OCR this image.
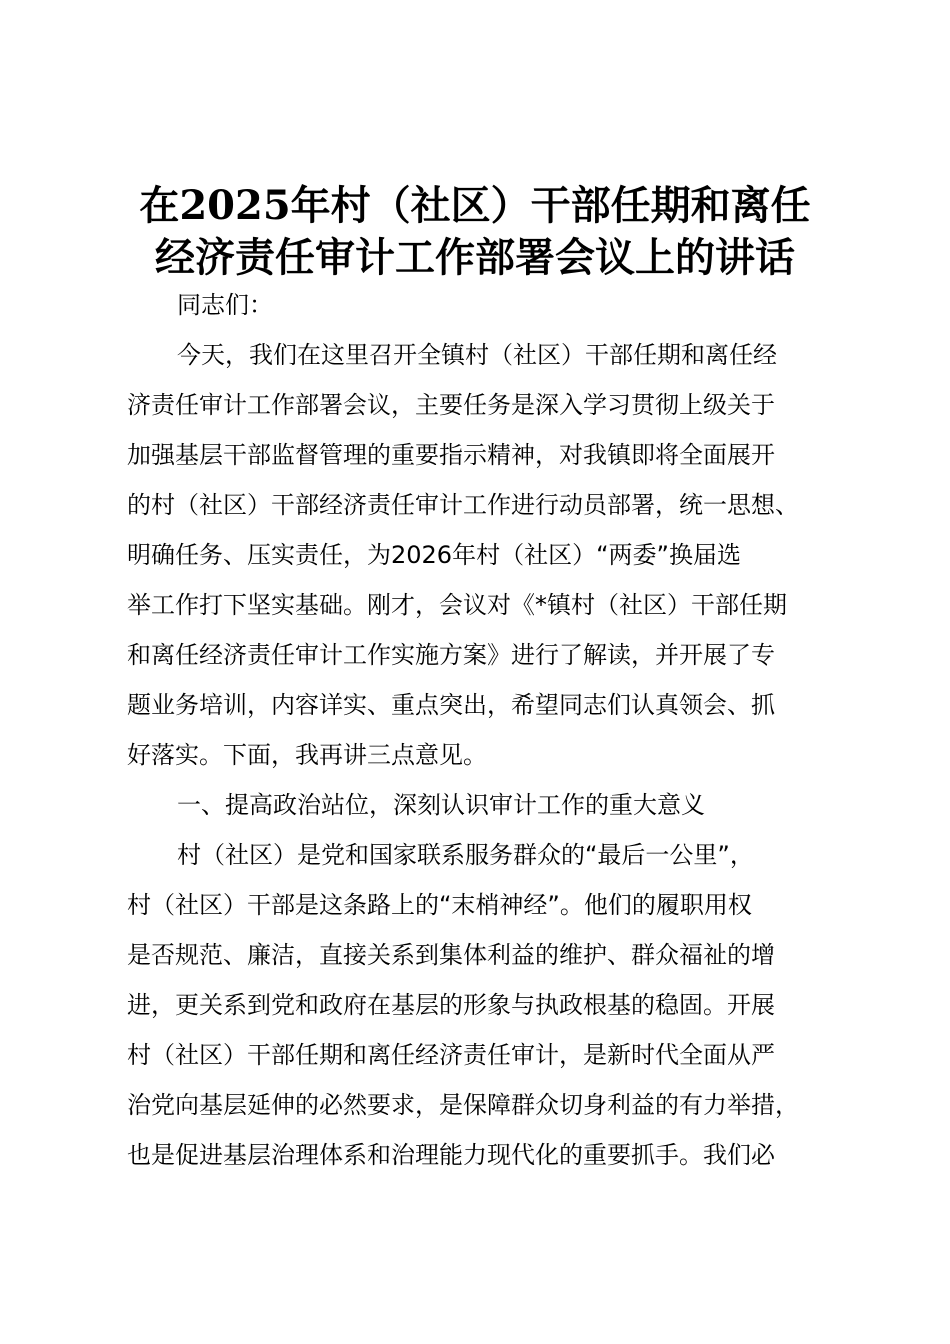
在2025年村（社区）干部任期和离任
经济责任审计工作部署会议上的讲话

同志们：

今天，我们在这里召开全镇村（社区）干部任期和离任经
济责任审计工作部署会议，主要任务是深入学习贯彻上级关于
加强基层干部监督管理的重要指示精神，对我镇即将全面展开
的村（社区）干部经济责任审计工作进行动员部署，统一思想、
明确任务、压实责任，为2026年村（社区）“两委”换届选
举工作打下坚实基础。刚才，会议对《*镇村（社区）干部任期
和离任经济责任审计工作实施方案》进行了解读，并开展了专
题业务培训，内容详实、重点突出，希望同志们认真领会、抓
好落实。下面，我再讲三点意见。

一、提高政治站位，深刻认识审计工作的重大意义

村（社区）是党和国家联系服务群众的“最后一公里”，
村（社区）干部是这条路上的“末梢神经”。他们的履职用权
是否规范、廉洁，直接关系到集体利益的维护、群众福祉的增
进，更关系到党和政府在基层的形象与执政根基的稳固。开展
村（社区）干部任期和离任经济责任审计，是新时代全面从严
治党向基层延伸的必然要求，是保障群众切身利益的有力举措，
也是促进基层治理体系和治理能力现代化的重要抓手。我们必
